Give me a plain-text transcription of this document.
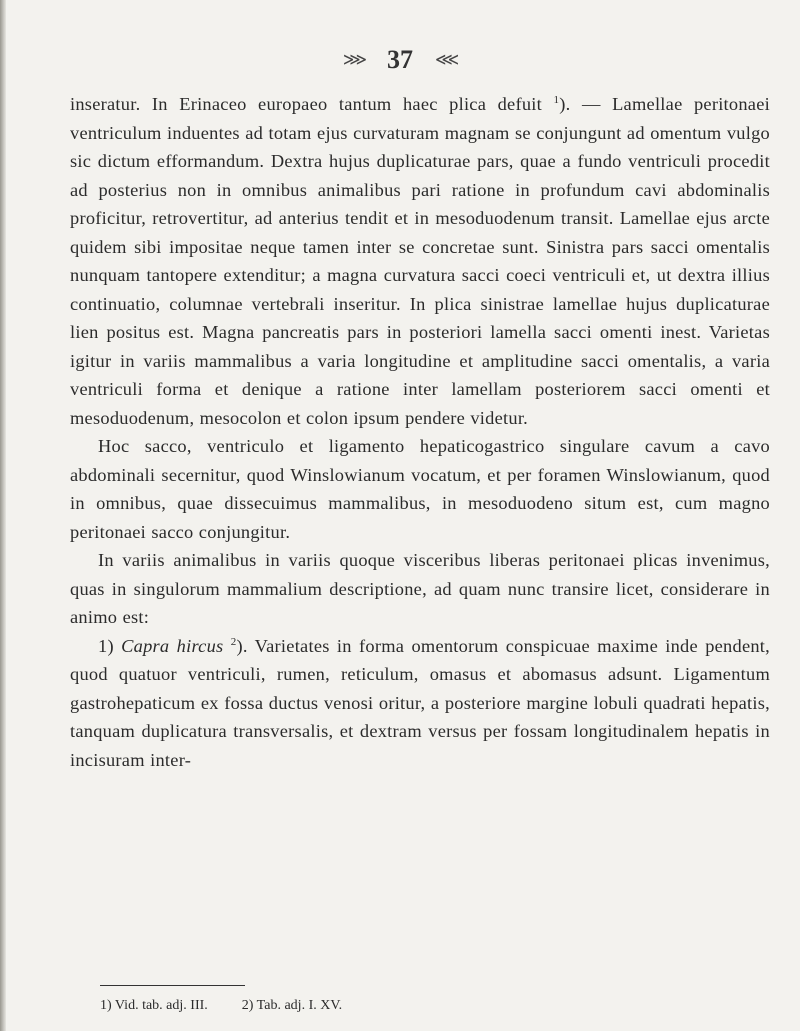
⋙ 37 ⋘

inseratur. In Erinaceo europaeo tantum haec plica defuit $^1$). — Lamellae peritonaei ventriculum induentes ad totam ejus curvaturam magnam se conjungunt ad omentum vulgo sic dictum efformandum. Dextra hujus duplicaturae pars, quae a fundo ventriculi procedit ad posterius non in omnibus animalibus pari ratione in profundum cavi abdominalis proficitur, retrovertitur, ad anterius tendit et in mesoduodenum transit. Lamellae ejus arcte quidem sibi impositae neque tamen inter se concretae sunt. Sinistra pars sacci omentalis nunquam tantopere extenditur; a magna curvatura sacci coeci ventriculi et, ut dextra illius continuatio, columnae vertebrali inseritur. In plica sinistrae lamellae hujus duplicaturae lien positus est. Magna pancreatis pars in posteriori lamella sacci omenti inest. Varietas igitur in variis mammalibus a varia longitudine et amplitudine sacci omentalis, a varia ventriculi forma et denique a ratione inter lamellam posteriorem sacci omenti et mesoduodenum, mesocolon et colon ipsum pendere videtur.

Hoc sacco, ventriculo et ligamento hepaticogastrico singulare cavum a cavo abdominali secernitur, quod Winslowianum vocatum, et per foramen Winslowianum, quod in omnibus, quae dissecuimus mammalibus, in mesoduodeno situm est, cum magno peritonaei sacco conjungitur.

In variis animalibus in variis quoque visceribus liberas peritonaei plicas invenimus, quas in singulorum mammalium descriptione, ad quam nunc transire licet, considerare in animo est:

1) Capra hircus $^2$). Varietates in forma omentorum conspicuae maxime inde pendent, quod quatuor ventriculi, rumen, reticulum, omasus et abomasus adsunt. Ligamentum gastrohepaticum ex fossa ductus venosi oritur, a posteriore margine lobuli quadrati hepatis, tanquam duplicatura transversalis, et dextram versus per fossam longitudinalem hepatis in incisuram inter-

1) Vid. tab. adj. III. 2) Tab. adj. I. XV.
